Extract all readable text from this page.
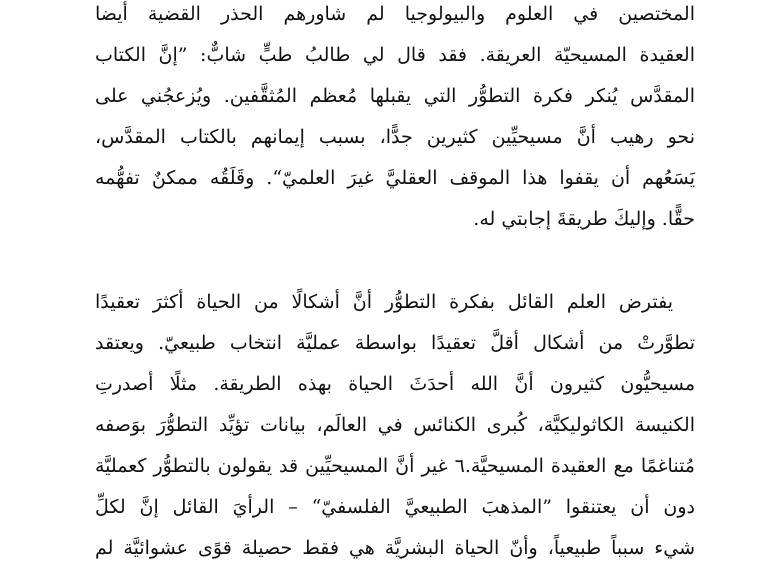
المختصين في العلوم والبيولوجيا لم شاورهم الحذر القضية أيضا
العقيدة المسيحيّة العريقة. فقد قال لي طالبُ طبٍّ شابٌّ: ”إنَّ الكتاب
المقدَّس يُنكر فكرة التطوُّر التي يقبلها مُعظم المُثقَّفين. ويُزعجُني على
نحو رهيب أنَّ مسيحيِّين كثيرين جدًّا، بسبب إيمانهم بالكتاب المقدَّس،
يَسَعُهم أن يقفوا هذا الموقف العقليَّ غيرَ العلميّ“. وقَلَقُه ممكنٌ تفهُّمه
حقًّا. وإليكَ طريقةَ إجابتي له.
يفترض العلم القائل بفكرة التطوُّر أنَّ أشكالًا من الحياة أكثرَ تعقيدًا
تطوَّرتْ من أشكال أقلَّ تعقيدًا بواسطة عمليَّة انتخاب طبيعيّ. ويعتقد
مسيحيُّون كثيرون أنَّ الله أحدَثَ الحياة بهذه الطريقة. مثلًا أصدرتِ
الكنيسة الكاثوليكيَّة، كُبرى الكنائس في العالَم، بيانات تؤيِّد التطوُّرَ بوَصفه
مُتناغمًا مع العقيدة المسيحيَّة.٦ غير أنَّ المسيحيِّين قد يقولون بالتطوُّر كعمليَّة
دون أن يعتنقوا ”المذهبَ الطبيعيَّ الفلسفيّ“ – الرأيَ القائل إنَّ لكلِّ
شيء سبباً طبيعياً، وأنّ الحياة البشريَّة هي فقط حصيلة قوًى عشوائيَّة لم
